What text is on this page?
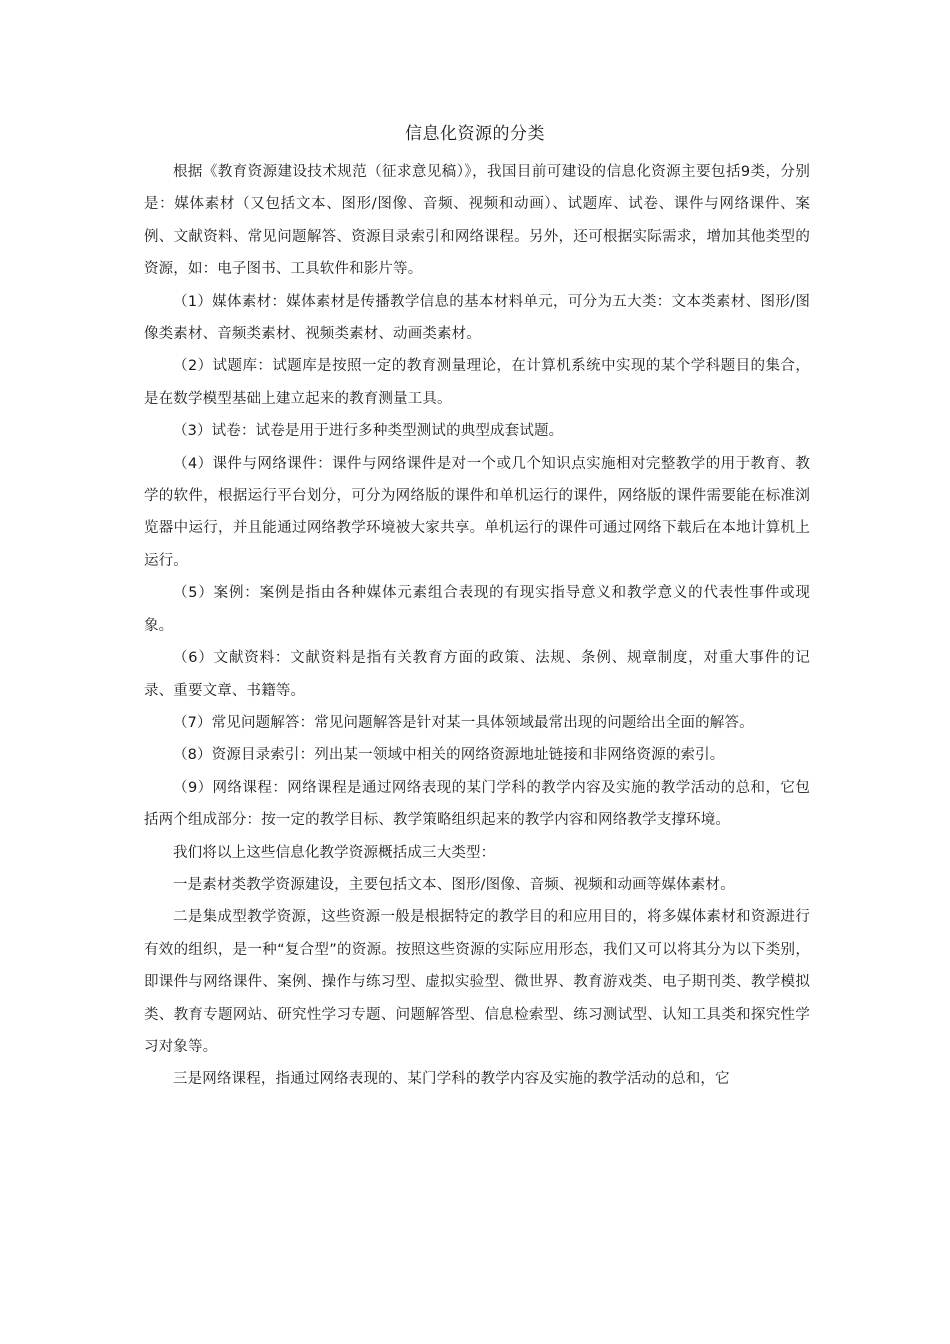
信息化资源的分类

根据《教育资源建设技术规范（征求意见稿）》，我国目前可建设的信息化资源主要包括9类，分别是：媒体素材（又包括文本、图形/图像、音频、视频和动画）、试题库、试卷、课件与网络课件、案例、文献资料、常见问题解答、资源目录索引和网络课程。另外，还可根据实际需求，增加其他类型的资源，如：电子图书、工具软件和影片等。

（1）媒体素材：媒体素材是传播教学信息的基本材料单元，可分为五大类：文本类素材、图形/图像类素材、音频类素材、视频类素材、动画类素材。

（2）试题库：试题库是按照一定的教育测量理论，在计算机系统中实现的某个学科题目的集合，是在数学模型基础上建立起来的教育测量工具。

（3）试卷：试卷是用于进行多种类型测试的典型成套试题。

（4）课件与网络课件：课件与网络课件是对一个或几个知识点实施相对完整教学的用于教育、教学的软件，根据运行平台划分，可分为网络版的课件和单机运行的课件，网络版的课件需要能在标准浏览器中运行，并且能通过网络教学环境被大家共享。单机运行的课件可通过网络下载后在本地计算机上运行。

（5）案例：案例是指由各种媒体元素组合表现的有现实指导意义和教学意义的代表性事件或现象。

（6）文献资料：文献资料是指有关教育方面的政策、法规、条例、规章制度，对重大事件的记录、重要文章、书籍等。

（7）常见问题解答：常见问题解答是针对某一具体领域最常出现的问题给出全面的解答。

（8）资源目录索引：列出某一领域中相关的网络资源地址链接和非网络资源的索引。

（9）网络课程：网络课程是通过网络表现的某门学科的教学内容及实施的教学活动的总和，它包括两个组成部分：按一定的教学目标、教学策略组织起来的教学内容和网络教学支撑环境。

我们将以上这些信息化教学资源概括成三大类型：

一是素材类教学资源建设，主要包括文本、图形/图像、音频、视频和动画等媒体素材。

二是集成型教学资源，这些资源一般是根据特定的教学目的和应用目的，将多媒体素材和资源进行有效的组织，是一种“复合型”的资源。按照这些资源的实际应用形态，我们又可以将其分为以下类别，即课件与网络课件、案例、操作与练习型、虚拟实验型、微世界、教育游戏类、电子期刊类、教学模拟类、教育专题网站、研究性学习专题、问题解答型、信息检索型、练习测试型、认知工具类和探究性学习对象等。

三是网络课程，指通过网络表现的、某门学科的教学内容及实施的教学活动的总和，它
